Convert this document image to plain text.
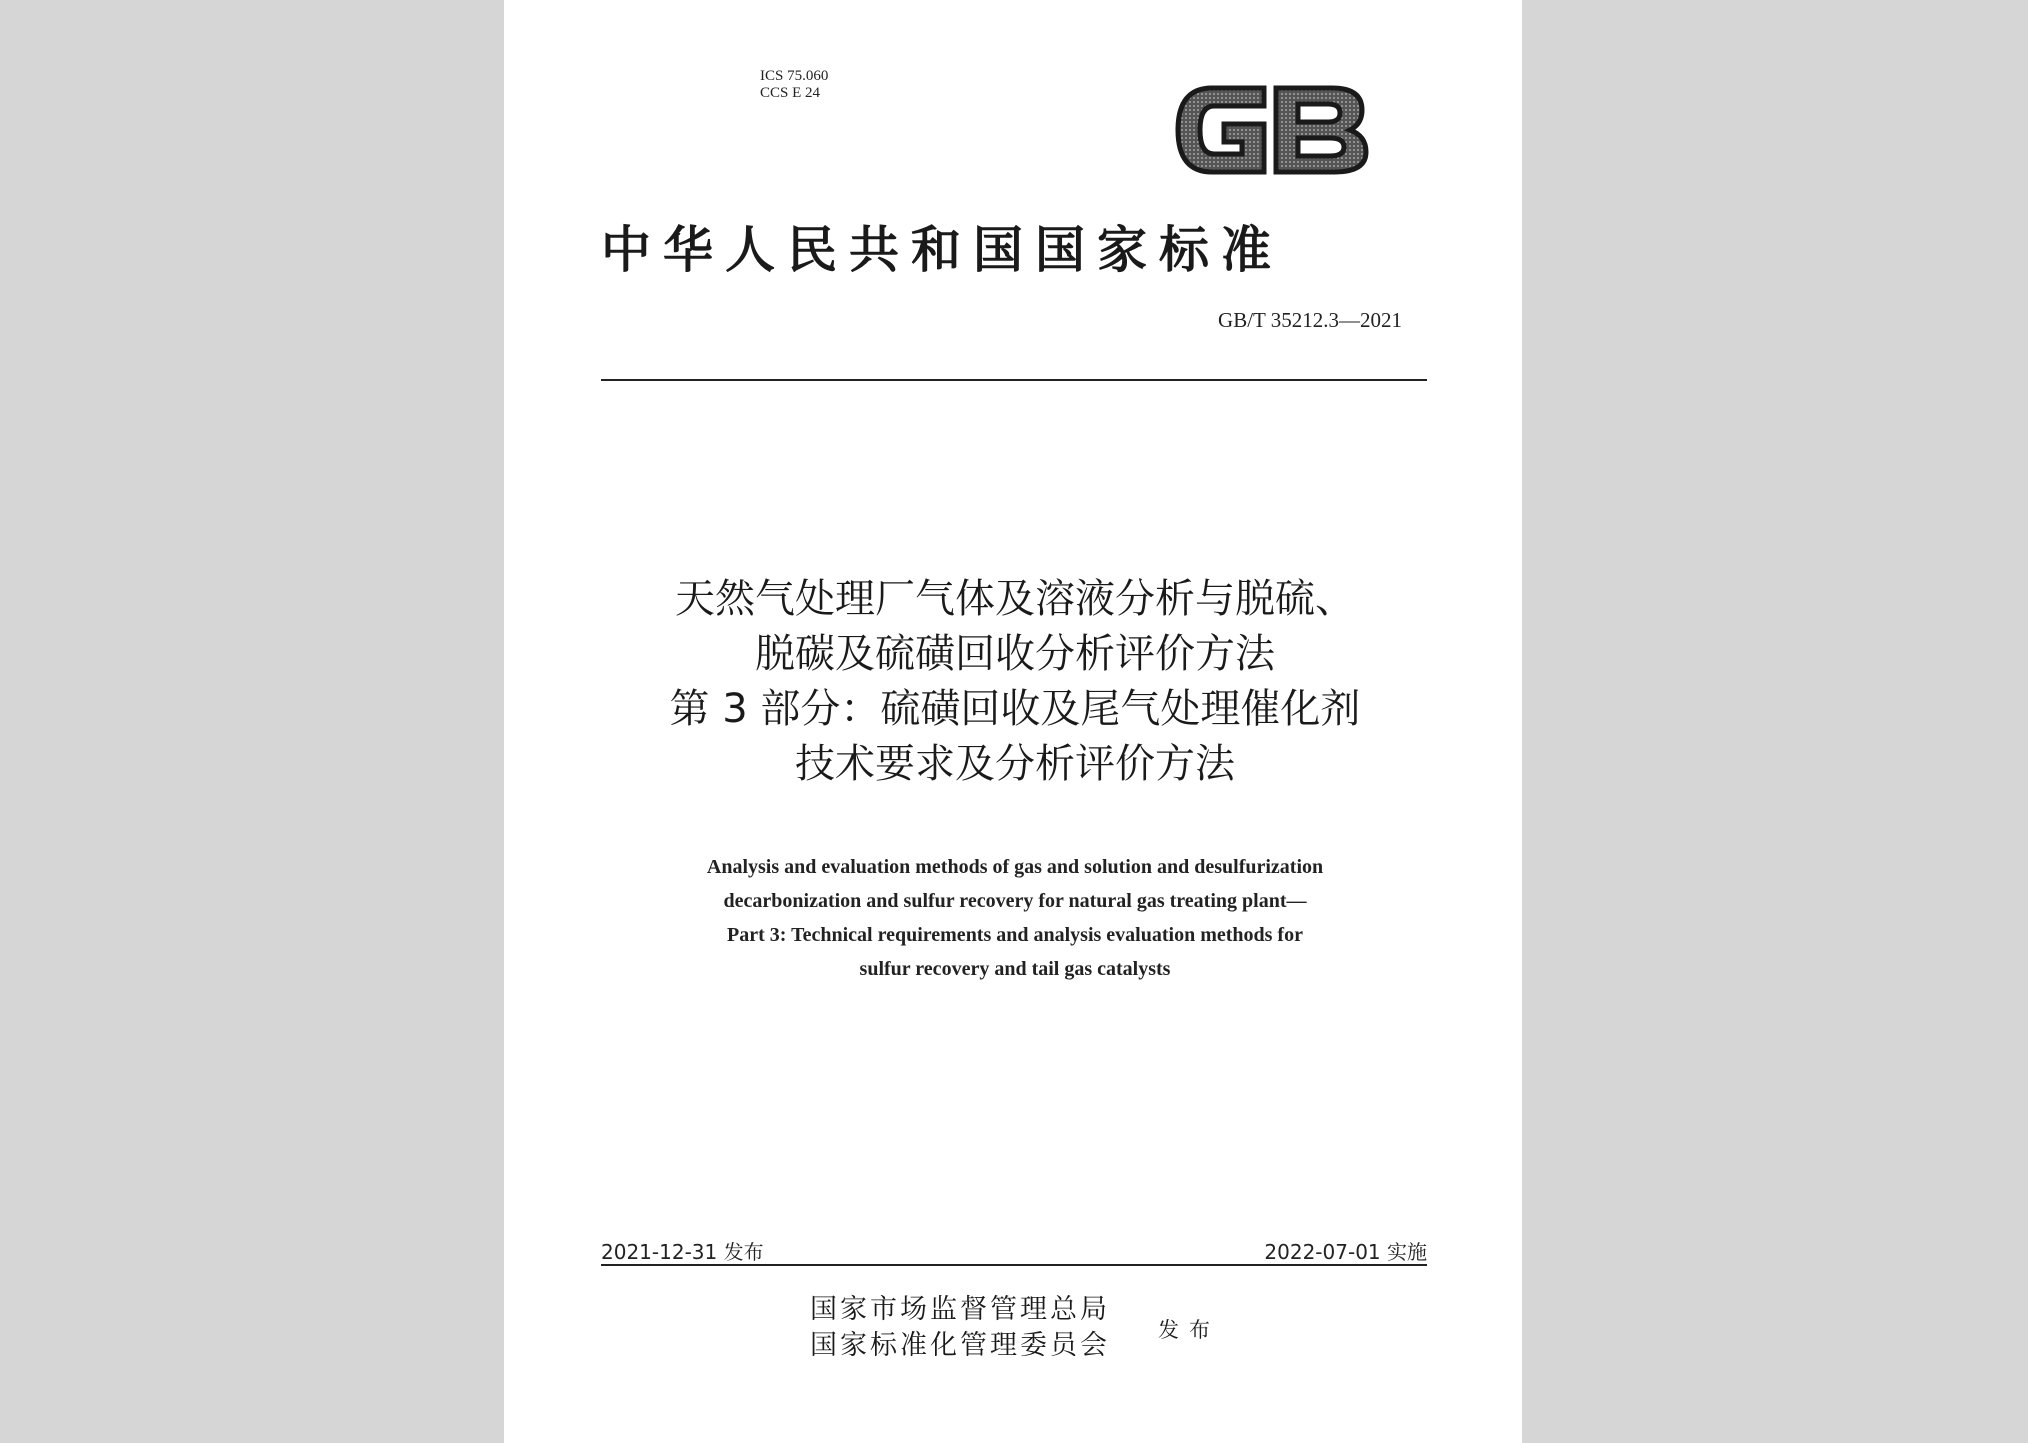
ICS 75.060
CCS E 24
中华人民共和国国家标准
GB/T 35212.3—2021
天然气处理厂气体及溶液分析与脱硫、
脱碳及硫磺回收分析评价方法
第 3 部分：硫磺回收及尾气处理催化剂
技术要求及分析评价方法
Analysis and evaluation methods of gas and solution and desulfurization
decarbonization and sulfur recovery for natural gas treating plant—
Part 3: Technical requirements and analysis evaluation methods for
sulfur recovery and tail gas catalysts
2021-12-31 发布	2022-07-01 实施
国家市场监督管理总局
国家标准化管理委员会 发布
